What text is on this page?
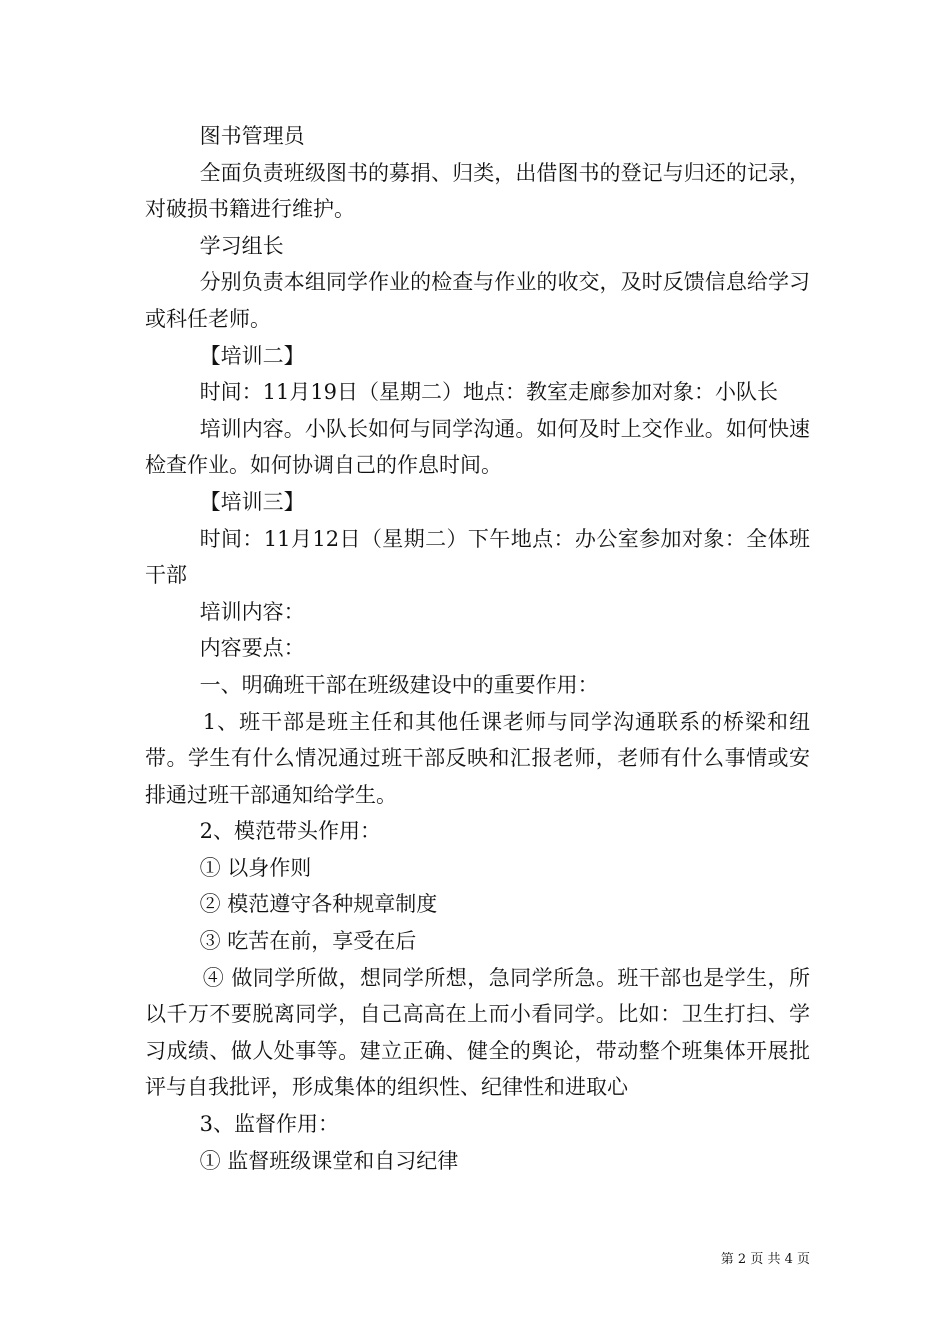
图书管理员

全面负责班级图书的募捐、归类，出借图书的登记与归还的记录，对破损书籍进行维护。

学习组长

分别负责本组同学作业的检查与作业的收交，及时反馈信息给学习或科任老师。

【培训二】

时间：11月19日（星期二）地点：教室走廊参加对象：小队长

培训内容。小队长如何与同学沟通。如何及时上交作业。如何快速检查作业。如何协调自己的作息时间。

【培训三】

时间：11月12日（星期二）下午地点：办公室参加对象：全体班干部

培训内容：

内容要点：

一、明确班干部在班级建设中的重要作用：

1、班干部是班主任和其他任课老师与同学沟通联系的桥梁和纽带。学生有什么情况通过班干部反映和汇报老师，老师有什么事情或安排通过班干部通知给学生。

2、模范带头作用：

① 以身作则

② 模范遵守各种规章制度

③ 吃苦在前，享受在后

④ 做同学所做，想同学所想，急同学所急。班干部也是学生，所以千万不要脱离同学，自己高高在上而小看同学。比如：卫生打扫、学习成绩、做人处事等。建立正确、健全的舆论，带动整个班集体开展批评与自我批评，形成集体的组织性、纪律性和进取心

3、监督作用：

① 监督班级课堂和自习纪律

第 2 页 共 4 页
